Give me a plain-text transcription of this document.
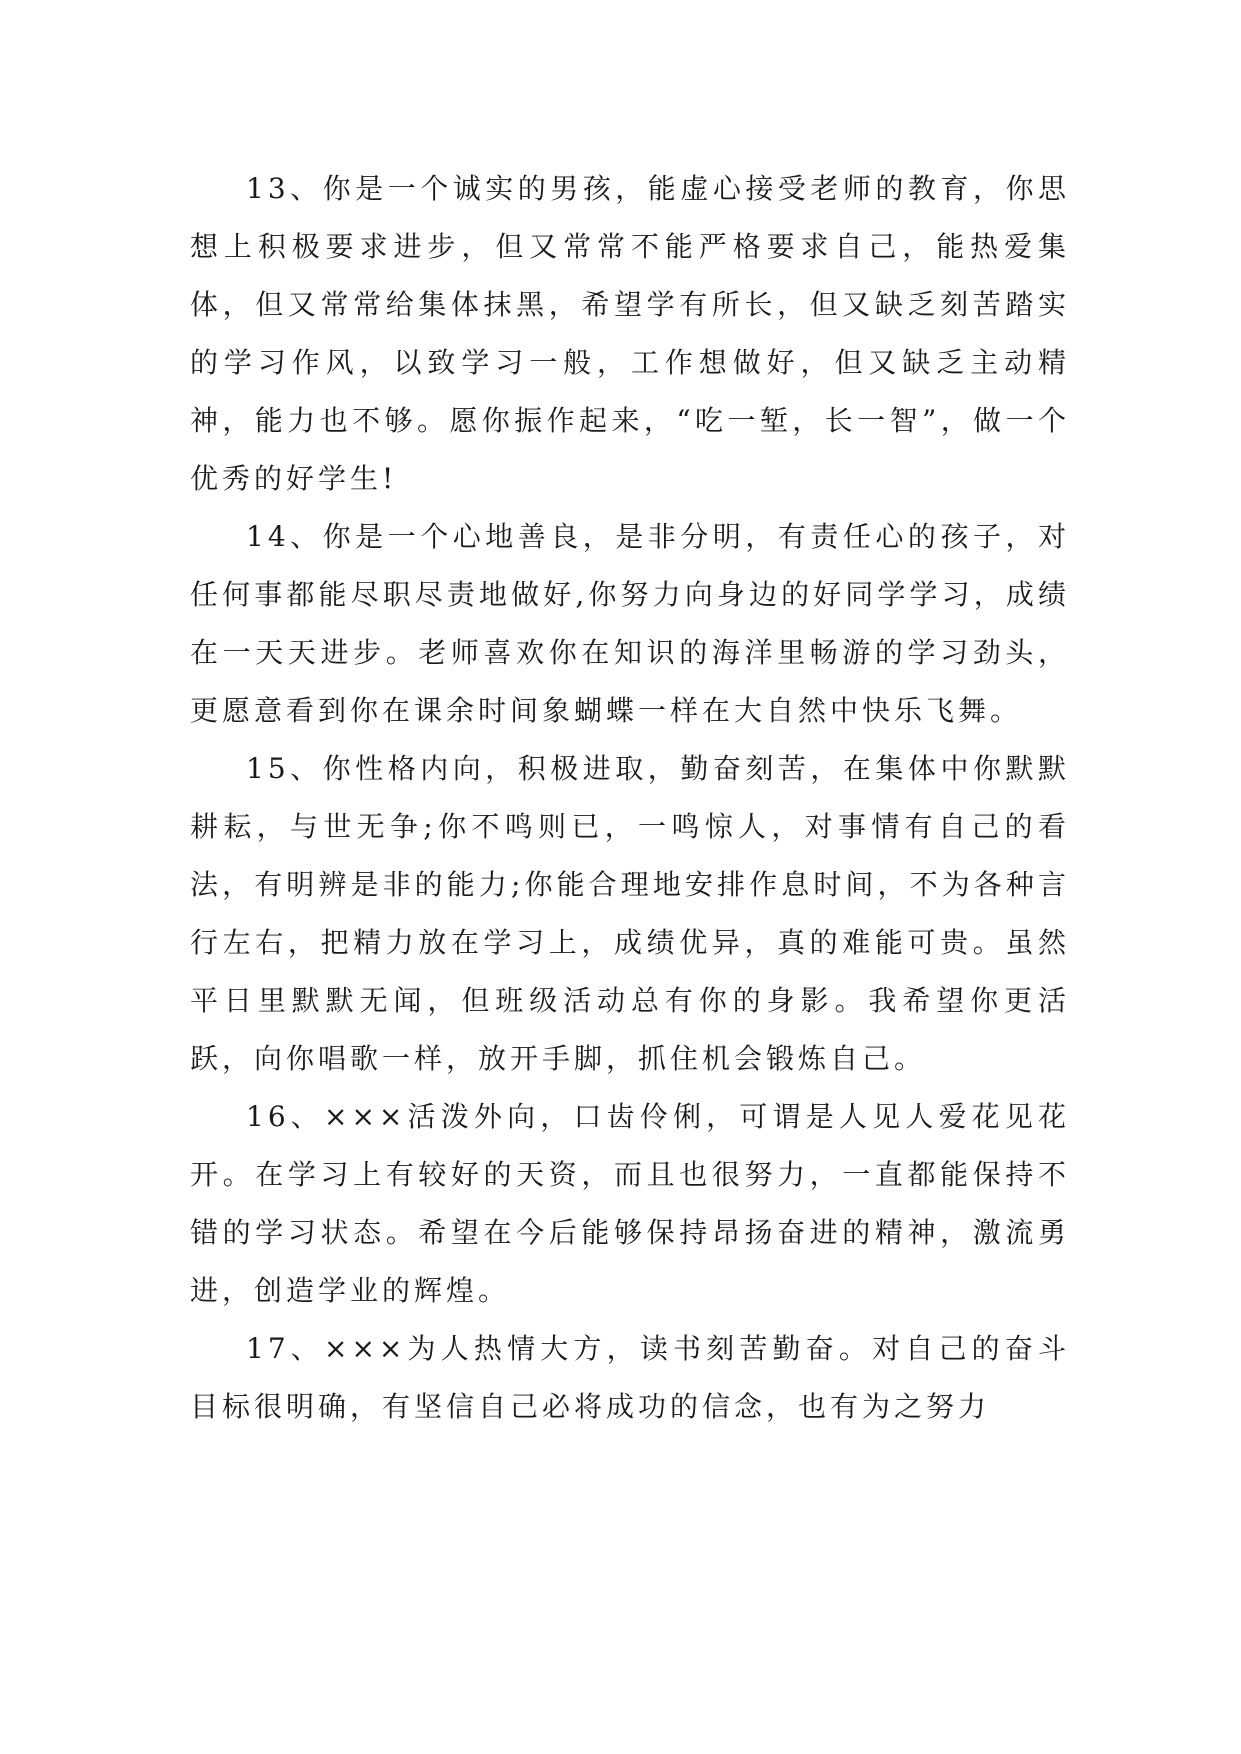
13、你是一个诚实的男孩，能虚心接受老师的教育，你思想上积极要求进步，但又常常不能严格要求自己，能热爱集体，但又常常给集体抹黑，希望学有所长，但又缺乏刻苦踏实的学习作风，以致学习一般，工作想做好，但又缺乏主动精神，能力也不够。愿你振作起来，“吃一堑，长一智”，做一个优秀的好学生!

14、你是一个心地善良，是非分明，有责任心的孩子，对任何事都能尽职尽责地做好,你努力向身边的好同学学习，成绩在一天天进步。老师喜欢你在知识的海洋里畅游的学习劲头，更愿意看到你在课余时间象蝴蝶一样在大自然中快乐飞舞。

15、你性格内向，积极进取，勤奋刻苦，在集体中你默默耕耘，与世无争;你不鸣则已，一鸣惊人，对事情有自己的看法，有明辨是非的能力;你能合理地安排作息时间，不为各种言行左右，把精力放在学习上，成绩优异，真的难能可贵。虽然平日里默默无闻，但班级活动总有你的身影。我希望你更活跃，向你唱歌一样，放开手脚，抓住机会锻炼自己。

16、×××活泼外向，口齿伶俐，可谓是人见人爱花见花开。在学习上有较好的天资，而且也很努力，一直都能保持不错的学习状态。希望在今后能够保持昂扬奋进的精神，激流勇进，创造学业的辉煌。

17、×××为人热情大方，读书刻苦勤奋。对自己的奋斗目标很明确，有坚信自己必将成功的信念，也有为之努力
